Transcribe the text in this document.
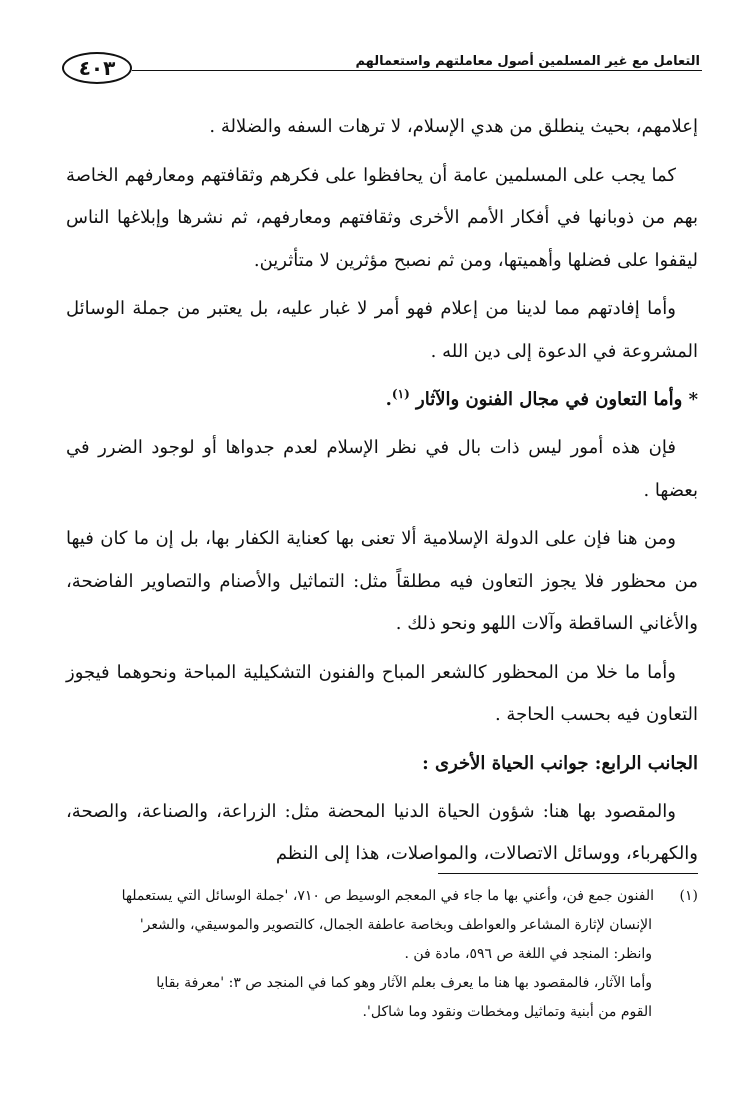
٤٠٣	التعامل مع غير المسلمين أصول معاملتهم واستعمالهم

إعلامهم، بحيث ينطلق من هدي الإسلام، لا ترهات السفه والضلالة .

كما يجب على المسلمين عامة أن يحافظوا على فكرهم وثقافتهم ومعارفهم الخاصة بهم من ذوبانها في أفكار الأمم الأخرى وثقافتهم ومعارفهم، ثم نشرها وإبلاغها الناس ليقفوا على فضلها وأهميتها، ومن ثم نصبح مؤثرين لا متأثرين.

وأما إفادتهم مما لدينا من إعلام فهو أمر لا غبار عليه، بل يعتبر من جملة الوسائل المشروعة في الدعوة إلى دين الله .

* وأما التعاون في مجال الفنون والآثار $^{(١)}$.

فإن هذه أمور ليس ذات بال في نظر الإسلام لعدم جدواها أو لوجود الضرر في بعضها .

ومن هنا فإن على الدولة الإسلامية ألا تعنى بها كعناية الكفار بها، بل إن ما كان فيها من محظور فلا يجوز التعاون فيه مطلقاً مثل: التماثيل والأصنام والتصاوير الفاضحة، والأغاني الساقطة وآلات اللهو ونحو ذلك .

وأما ما خلا من المحظور كالشعر المباح والفنون التشكيلية المباحة ونحوهما فيجوز التعاون فيه بحسب الحاجة .

الجانب الرابع: جوانب الحياة الأخرى :

والمقصود بها هنا: شؤون الحياة الدنيا المحضة مثل: الزراعة، والصناعة، والصحة، والكهرباء، ووسائل الاتصالات، والمواصلات، هذا إلى النظم

(١)الفنون جمع فن، وأعني بها ما جاء في المعجم الوسيط ص ٧١٠، 'جملة الوسائل التي يستعملها

الإنسان لإثارة المشاعر والعواطف وبخاصة عاطفة الجمال، كالتصوير والموسيقي، والشعر'

وانظر: المنجد في اللغة ص ٥٩٦، مادة فن .

وأما الآثار، فالمقصود بها هنا ما يعرف بعلم الآثار وهو كما في المنجد ص ٣: 'معرفة بقايا

القوم من أبنية وتماثيل ومخطات ونقود وما شاكل'.
